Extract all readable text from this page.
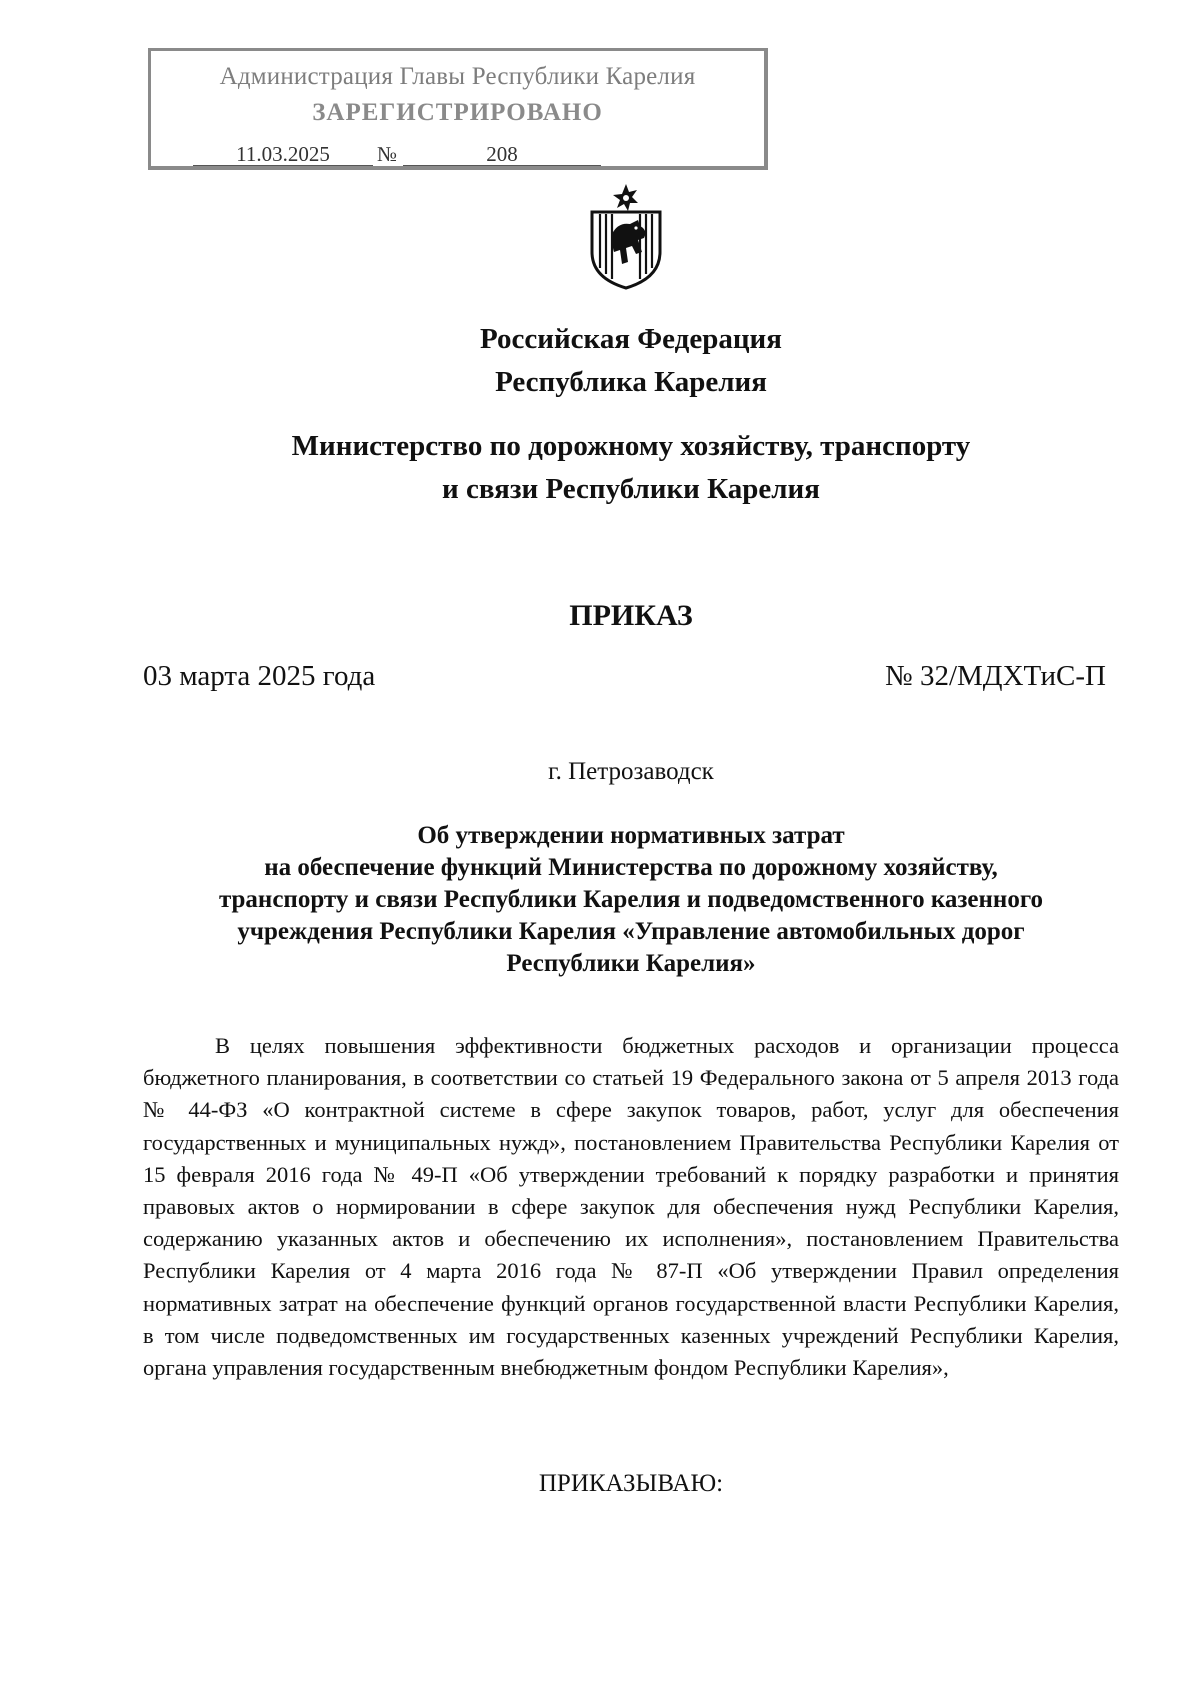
Администрация Главы Республики Карелия
ЗАРЕГИСТРИРОВАНО
11.03.2025	№	208
Российская Федерация
Республика Карелия
Министерство по дорожному хозяйству, транспорту
и связи Республики Карелия
ПРИКАЗ
03 марта 2025 года	№ 32/МДХТиС-П
г. Петрозаводск
Об утверждении нормативных затрат
на обеспечение функций Министерства по дорожному хозяйству,
транспорту и связи Республики Карелия и подведомственного казенного
учреждения Республики Карелия «Управление автомобильных дорог
Республики Карелия»

В целях повышения эффективности бюджетных расходов и организации процесса бюджетного планирования, в соответствии со статьей 19 Федерального закона от 5 апреля 2013 года № 44-ФЗ «О контрактной системе в сфере закупок товаров, работ, услуг для обеспечения государственных и муниципальных нужд», постановлением Правительства Республики Карелия от 15 февраля 2016 года № 49-П «Об утверждении требований к порядку разработки и принятия правовых актов о нормировании в сфере закупок для обеспечения нужд Республики Карелия, содержанию указанных актов и обеспечению их исполнения», постановлением Правительства Республики Карелия от 4 марта 2016 года № 87-П «Об утверждении Правил определения нормативных затрат на обеспечение функций органов государственной власти Республики Карелия, в том числе подведомственных им государственных казенных учреждений Республики Карелия, органа управления государственным внебюджетным фондом Республики Карелия»,

ПРИКАЗЫВАЮ:
